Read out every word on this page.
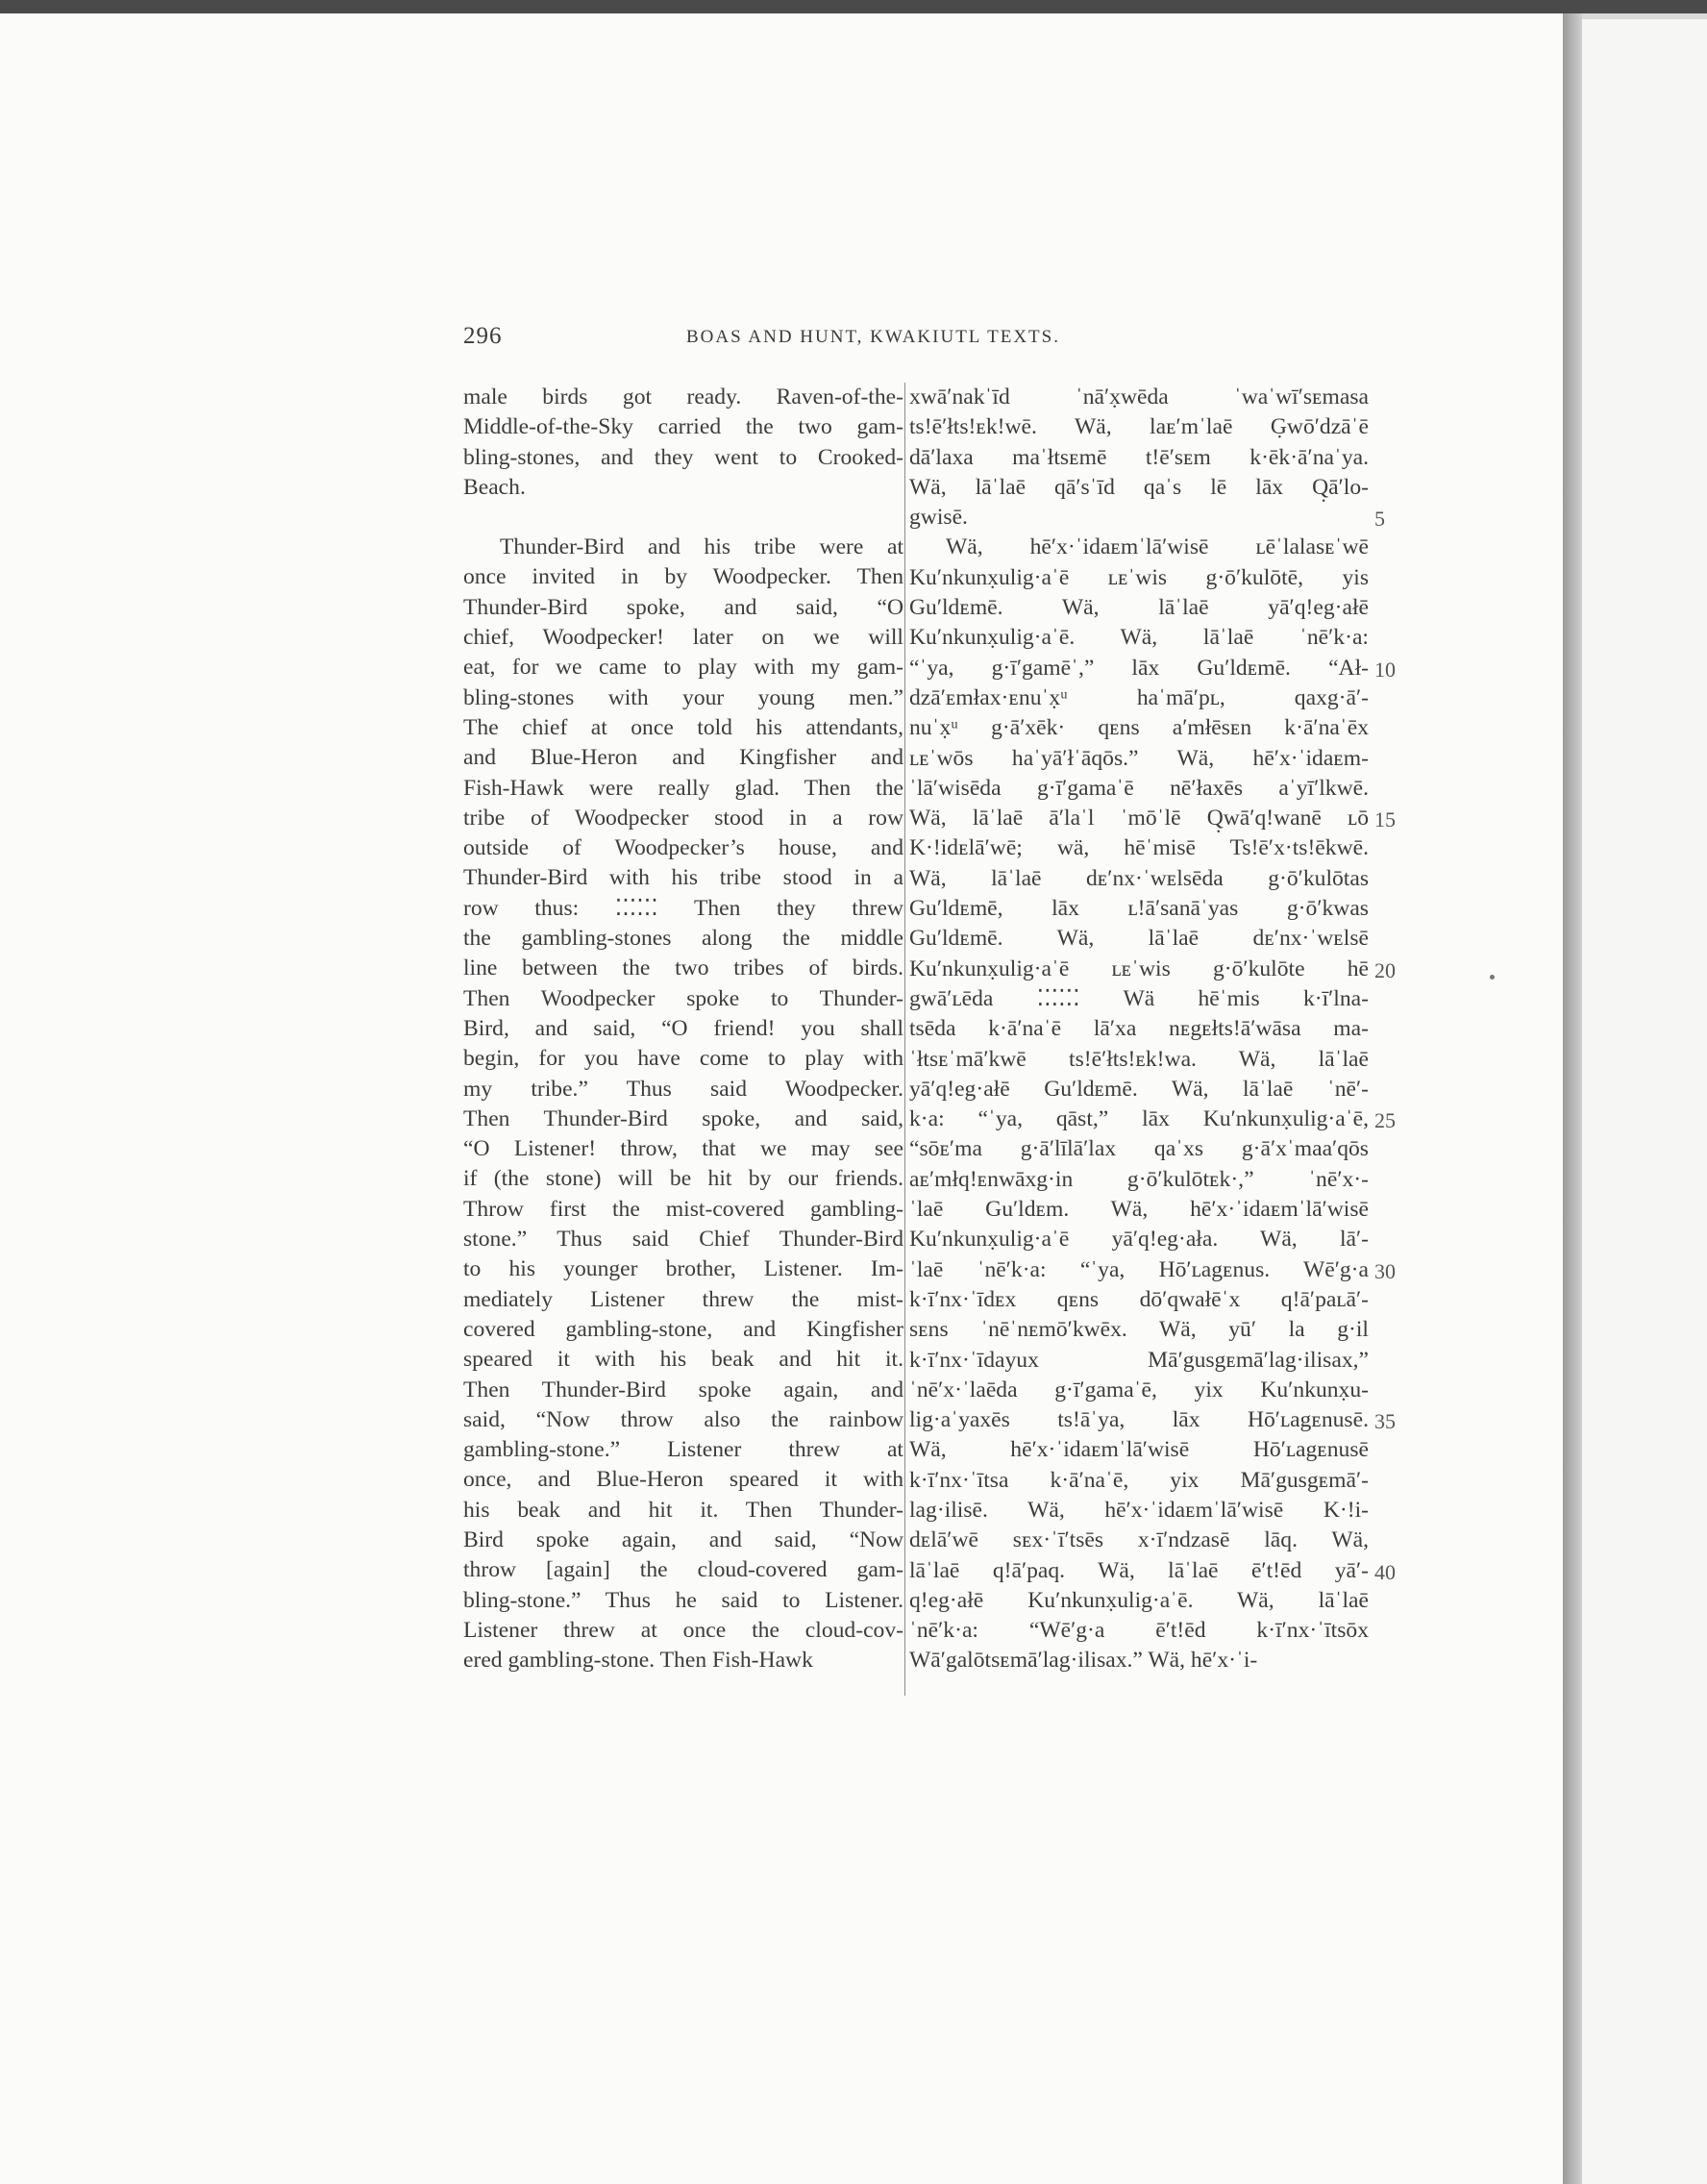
296	BOAS AND HUNT, KWAKIUTL TEXTS.

male birds got ready. Raven-of-the-

Middle-of-the-Sky carried the two gam-

bling-stones, and they went to Crooked-

Beach.

Thunder-Bird and his tribe were at

once invited in by Woodpecker. Then

Thunder-Bird spoke, and said, “O

chief, Woodpecker! later on we will

eat, for we came to play with my gam-

bling-stones with your young men.”

The chief at once told his attendants,

and Blue-Heron and Kingfisher and

Fish-Hawk were really glad. Then the

tribe of Woodpecker stood in a row

outside of Woodpecker’s house, and

Thunder-Bird with his tribe stood in a

row thus: ⁚⁚⁚⁚⁚⁚ Then they threw

the gambling-stones along the middle

line between the two tribes of birds.

Then Woodpecker spoke to Thunder-

Bird, and said, “O friend! you shall

begin, for you have come to play with

my tribe.” Thus said Woodpecker.

Then Thunder-Bird spoke, and said,

“O Listener! throw, that we may see

if (the stone) will be hit by our friends.

Throw first the mist-covered gambling-

stone.” Thus said Chief Thunder-Bird

to his younger brother, Listener. Im-

mediately Listener threw the mist-

covered gambling-stone, and Kingfisher

speared it with his beak and hit it.

Then Thunder-Bird spoke again, and

said, “Now throw also the rainbow

gambling-stone.” Listener threw at

once, and Blue-Heron speared it with

his beak and hit it. Then Thunder-

Bird spoke again, and said, “Now

throw [again] the cloud-covered gam-

bling-stone.” Thus he said to Listener.

Listener threw at once the cloud-cov-

ered gambling-stone. Then Fish-Hawk

xwā′nakˈīd ˈnā′x̣wēda ˈwaˈwī′sᴇmasa

ts!ē′łts!ᴇk!wē. Wä, laᴇ′mˈlaē G̣wō′dzāˈē

dā′laxa maˈłtsᴇmē t!ē′sᴇm k·ēk·ā′naˈya.

Wä, lāˈlaē qā′sˈīd qaˈs lē lāx Q̣ā′lo-

gwisē.

Wä, hē′x·ˈidaᴇmˈlā′wisē ʟēˈlalasᴇˈwē

Ku′nkunx̣ulig·aˈē ʟᴇˈwis g·ō′kulōtē, yis

Gu′ldᴇmē. Wä, lāˈlaē yā′q!eg·ałē

Ku′nkunx̣ulig·aˈē. Wä, lāˈlaē ˈnē′k·a:

“ˈya, g·ī′gamēˈ,” lāx Gu′ldᴇmē. “Ał-

dzā′ᴇmłax·ᴇnuˈx̣ᵘ haˈmā′pʟ, qaxg·ā′-

nuˈx̣ᵘ g·ā′xēk· qᴇns a′młēsᴇn k·ā′naˈēx

ʟᴇˈwōs haˈyā′łˈāqōs.” Wä, hē′x·ˈidaᴇm-

ˈlā′wisēda g·ī′gamaˈē nē′łaxēs aˈyī′lkwē.

Wä, lāˈlaē ā′laˈl ˈmōˈlē Q̣wā′q!wanē ʟō

K·!idᴇlā′wē; wä, hēˈmisē Ts!ē′x·ts!ēkwē.

Wä, lāˈlaē dᴇ′nx·ˈwᴇlsēda g·ō′kulōtas

Gu′ldᴇmē, lāx ʟ!ā′sanāˈyas g·ō′kwas

Gu′ldᴇmē. Wä, lāˈlaē dᴇ′nx·ˈwᴇlsē

Ku′nkunx̣ulig·aˈē ʟᴇˈwis g·ō′kulōte hē

gwā′ʟēda ⁚⁚⁚⁚⁚⁚ Wä hēˈmis k·ī′lna-

tsēda k·ā′naˈē lā′xa nᴇgᴇłts!ā′wāsa ma-

ˈłtsᴇˈmā′kwē ts!ē′łts!ᴇk!wa. Wä, lāˈlaē

yā′q!eg·ałē Gu′ldᴇmē. Wä, lāˈlaē ˈnē′-

k·a: “ˈya, qāst,” lāx Ku′nkunx̣ulig·aˈē,

“sōᴇ′ma g·ā′līlā′lax qaˈxs g·ā′xˈmaa′qōs

aᴇ′młq!ᴇnwāxg·in g·ō′kulōtᴇk·,” ˈnē′x·-

ˈlaē Gu′ldᴇm. Wä, hē′x·ˈidaᴇmˈlā′wisē

Ku′nkunx̣ulig·aˈē yā′q!eg·ała. Wä, lā′-

ˈlaē ˈnē′k·a: “ˈya, Hō′ʟagᴇnus. Wē′g·a

k·ī′nx·ˈīdᴇx qᴇns dō′qwałēˈx q!ā′paʟā′-

sᴇns ˈnēˈnᴇmō′kwēx. Wä, yū′ la g·il

k·ī′nx·ˈīdayux Mā′gusgᴇmā′lag·ilisax,”

ˈnē′x·ˈlaēda g·ī′gamaˈē, yix Ku′nkunx̣u-

lig·aˈyaxēs ts!āˈya, lāx Hō′ʟagᴇnusē.

Wä, hē′x·ˈidaᴇmˈlā′wisē Hō′ʟagᴇnusē

k·ī′nx·ˈītsa k·ā′naˈē, yix Mā′gusgᴇmā′-

lag·ilisē. Wä, hē′x·ˈidaᴇmˈlā′wisē K·!i-

dᴇlā′wē sᴇx·ˈī′tsēs x·ī′ndzasē lāq. Wä,

lāˈlaē q!ā′paq. Wä, lāˈlaē ē′t!ēd yā′-

q!eg·ałē Ku′nkunx̣ulig·aˈē. Wä, lāˈlaē

ˈnē′k·a: “Wē′g·a ē′t!ēd k·ī′nx·ˈītsōx

Wā′galōtsᴇmā′lag·ilisax.” Wä, hē′x·ˈi-

5
10
15
20
25
30
35
40
